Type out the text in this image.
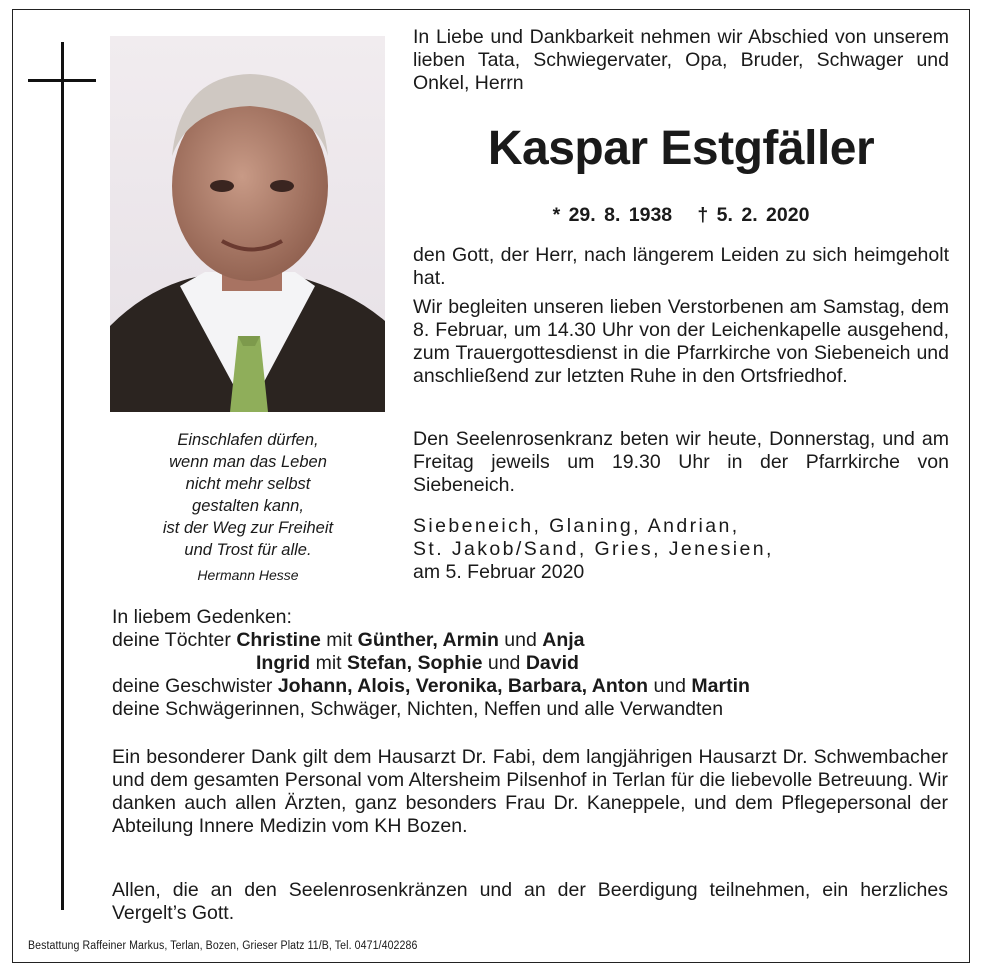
Einschlafen dürfen,
wenn man das Leben
nicht mehr selbst
gestalten kann,
ist der Weg zur Freiheit
und Trost für alle.
Hermann Hesse
In Liebe und Dankbarkeit nehmen wir Abschied von unserem lieben Tata, Schwiegervater, Opa, Bruder, Schwager und Onkel, Herrn
Kaspar Estgfäller
* 29. 8. 1938   † 5. 2. 2020
den Gott, der Herr, nach längerem Leiden zu sich heimgeholt hat.
Wir begleiten unseren lieben Verstorbenen am Samstag, dem 8. Februar, um 14.30 Uhr von der Leichenkapelle ausgehend, zum Trauergottesdienst in die Pfarrkirche von Siebeneich und anschließend zur letzten Ruhe in den Ortsfriedhof.
Den Seelenrosenkranz beten wir heute, Donnerstag, und am Freitag jeweils um 19.30 Uhr in der Pfarrkirche von Siebeneich.
Siebeneich, Glaning, Andrian,
St. Jakob/Sand, Gries, Jenesien,
am 5. Februar 2020
In liebem Gedenken:
deine Töchter Christine mit Günther, Armin und Anja
Ingrid mit Stefan, Sophie und David
deine Geschwister Johann, Alois, Veronika, Barbara, Anton und Martin
deine Schwägerinnen, Schwäger, Nichten, Neffen und alle Verwandten
Ein besonderer Dank gilt dem Hausarzt Dr. Fabi, dem langjährigen Hausarzt Dr. Schwembacher und dem gesamten Personal vom Altersheim Pilsenhof in Terlan für die liebevolle Betreuung. Wir danken auch allen Ärzten, ganz besonders Frau Dr. Kaneppele, und dem Pflegepersonal der Abteilung Innere Medizin vom KH Bozen.
Allen, die an den Seelenrosenkränzen und an der Beerdigung teilnehmen, ein herzliches Vergelt’s Gott.
Bestattung Raffeiner Markus, Terlan, Bozen, Grieser Platz 11/B, Tel. 0471/402286
